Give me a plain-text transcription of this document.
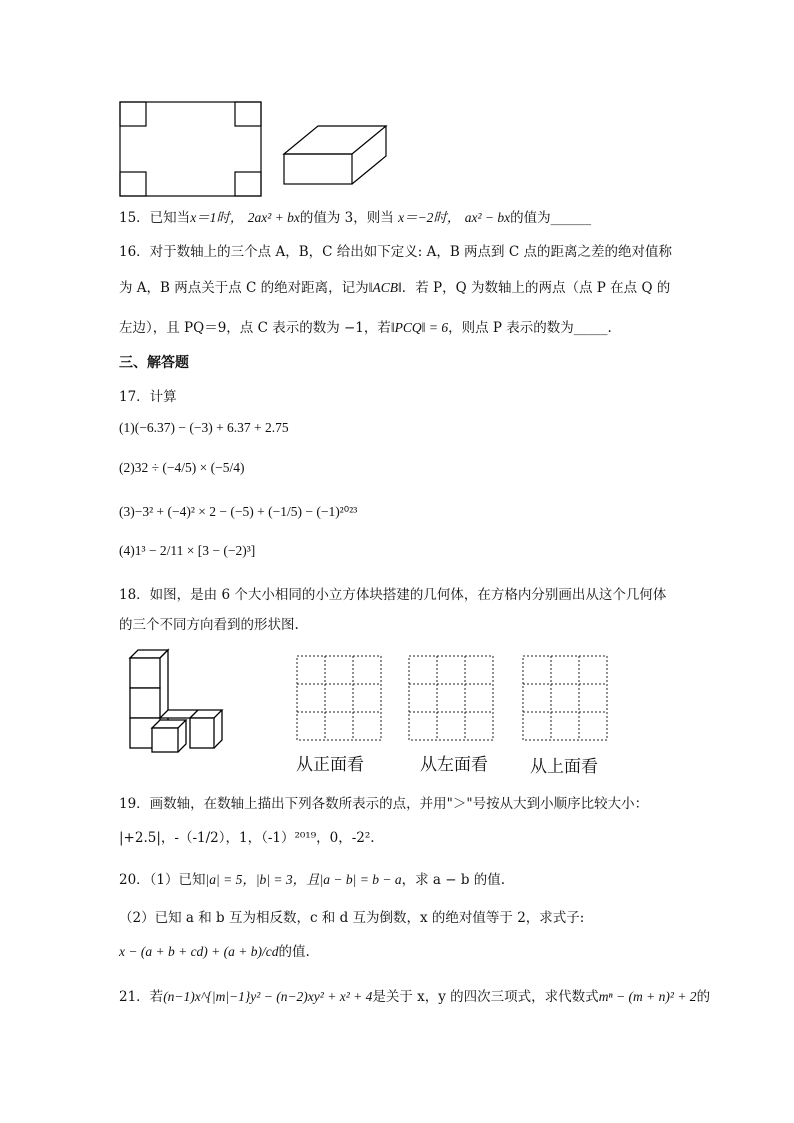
15．已知当x＝1时， 2ax² + bx的值为 3，则当 x＝−2时， ax² − bx的值为______
16．对于数轴上的三个点 A，B，C 给出如下定义: A，B 两点到 C 点的距离之差的绝对值称
为 A，B 两点关于点 C 的绝对距离，记为‖ACB‖．若 P，Q 为数轴上的两点（点 P 在点 Q 的
左边），且 PQ＝9，点 C 表示的数为 −1，若‖PCQ‖ = 6，则点 P 表示的数为_____.
三、解答题
17．计算
(1)(−6.37) − (−3) + 6.37 + 2.75
(2)32 ÷ (−4/5) × (−5/4)
(3)−3² + (−4)² × 2 − (−5) + (−1/5) − (−1)²⁰²³
(4)1³ − 2/11 × [3 − (−2)³]
18．如图，是由 6 个大小相同的小立方体块搭建的几何体，在方格内分别画出从这个几何体
的三个不同方向看到的形状图.
从正面看	从左面看 从上面看
19．画数轴，在数轴上描出下列各数所表示的点，并用"＞"号按从大到小顺序比较大小：
|+2.5|，-（-1/2），1，（-1）²⁰¹⁹，0，-2².
20．（1）已知|a| = 5，|b| = 3，且|a − b| = b − a，求 a − b 的值.
（2）已知 a 和 b 互为相反数，c 和 d 互为倒数，x 的绝对值等于 2，求式子:
x − (a + b + cd) + (a + b)/cd的值.
21．若(n−1)x^{|m|−1}y² − (n−2)xy² + x² + 4是关于 x，y 的四次三项式，求代数式mⁿ − (m + n)² + 2的
